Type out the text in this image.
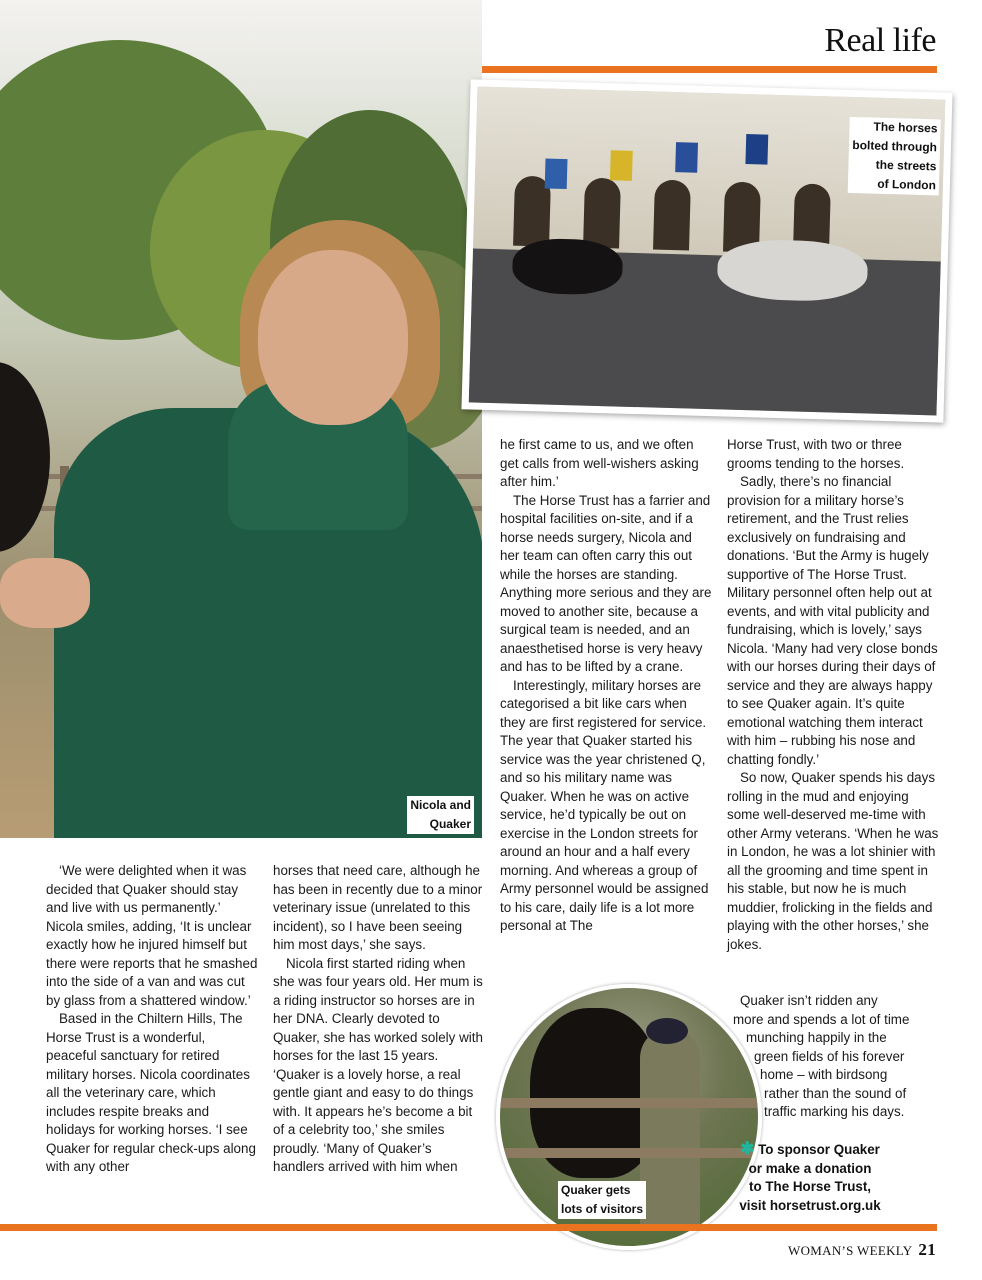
Real life
Nicola and
Quaker
The horses
bolted through
the streets
of London

he first came to us, and we often get calls from well-wishers asking after him.’

The Horse Trust has a farrier and hospital facilities on-site, and if a horse needs surgery, Nicola and her team can often carry this out while the horses are standing. Anything more serious and they are moved to another site, because a surgical team is needed, and an anaesthetised horse is very heavy and has to be lifted by a crane.

Interestingly, military horses are categorised a bit like cars when they are first registered for service. The year that Quaker started his service was the year christened Q, and so his military name was Quaker. When he was on active service, he’d typically be out on exercise in the London streets for around an hour and a half every morning. And whereas a group of Army personnel would be assigned to his care, daily life is a lot more personal at The

Horse Trust, with two or three grooms tending to the horses.

Sadly, there’s no financial provision for a military horse’s retirement, and the Trust relies exclusively on fundraising and donations. ‘But the Army is hugely supportive of The Horse Trust. Military personnel often help out at events, and with vital publicity and fundraising, which is lovely,’ says Nicola. ‘Many had very close bonds with our horses during their days of service and they are always happy to see Quaker again. It’s quite emotional watching them interact with him – rubbing his nose and chatting fondly.’

So now, Quaker spends his days rolling in the mud and enjoying some well-deserved me-time with other Army veterans. ‘When he was in London, he was a lot shinier with all the grooming and time spent in his stable, but now he is much muddier, frolicking in the fields and playing with the other horses,’ she jokes.

Quaker isn’t ridden any
more and spends a lot of time
munching happily in the
green fields of his forever
home – with birdsong
rather than the sound of
traffic marking his days.

‘We were delighted when it was decided that Quaker should stay and live with us permanently.’ Nicola smiles, adding, ‘It is unclear exactly how he injured himself but there were reports that he smashed into the side of a van and was cut by glass from a shattered window.’

Based in the Chiltern Hills, The Horse Trust is a wonderful, peaceful sanctuary for retired military horses. Nicola coordinates all the veterinary care, which includes respite breaks and holidays for working horses. ‘I see Quaker for regular check-ups along with any other

horses that need care, although he has been in recently due to a minor veterinary issue (unrelated to this incident), so I have been seeing him most days,’ she says.

Nicola first started riding when she was four years old. Her mum is a riding instructor so horses are in her DNA. Clearly devoted to Quaker, she has worked solely with horses for the last 15 years. ‘Quaker is a lovely horse, a real gentle giant and easy to do things with. It appears he’s become a bit of a celebrity too,’ she smiles proudly. ‘Many of Quaker’s handlers arrived with him when

Quaker gets
lots of visitors
✱ To sponsor Quaker
or make a donation
to The Horse Trust,
visit horsetrust.org.uk
WOMAN’S WEEKLY 21
